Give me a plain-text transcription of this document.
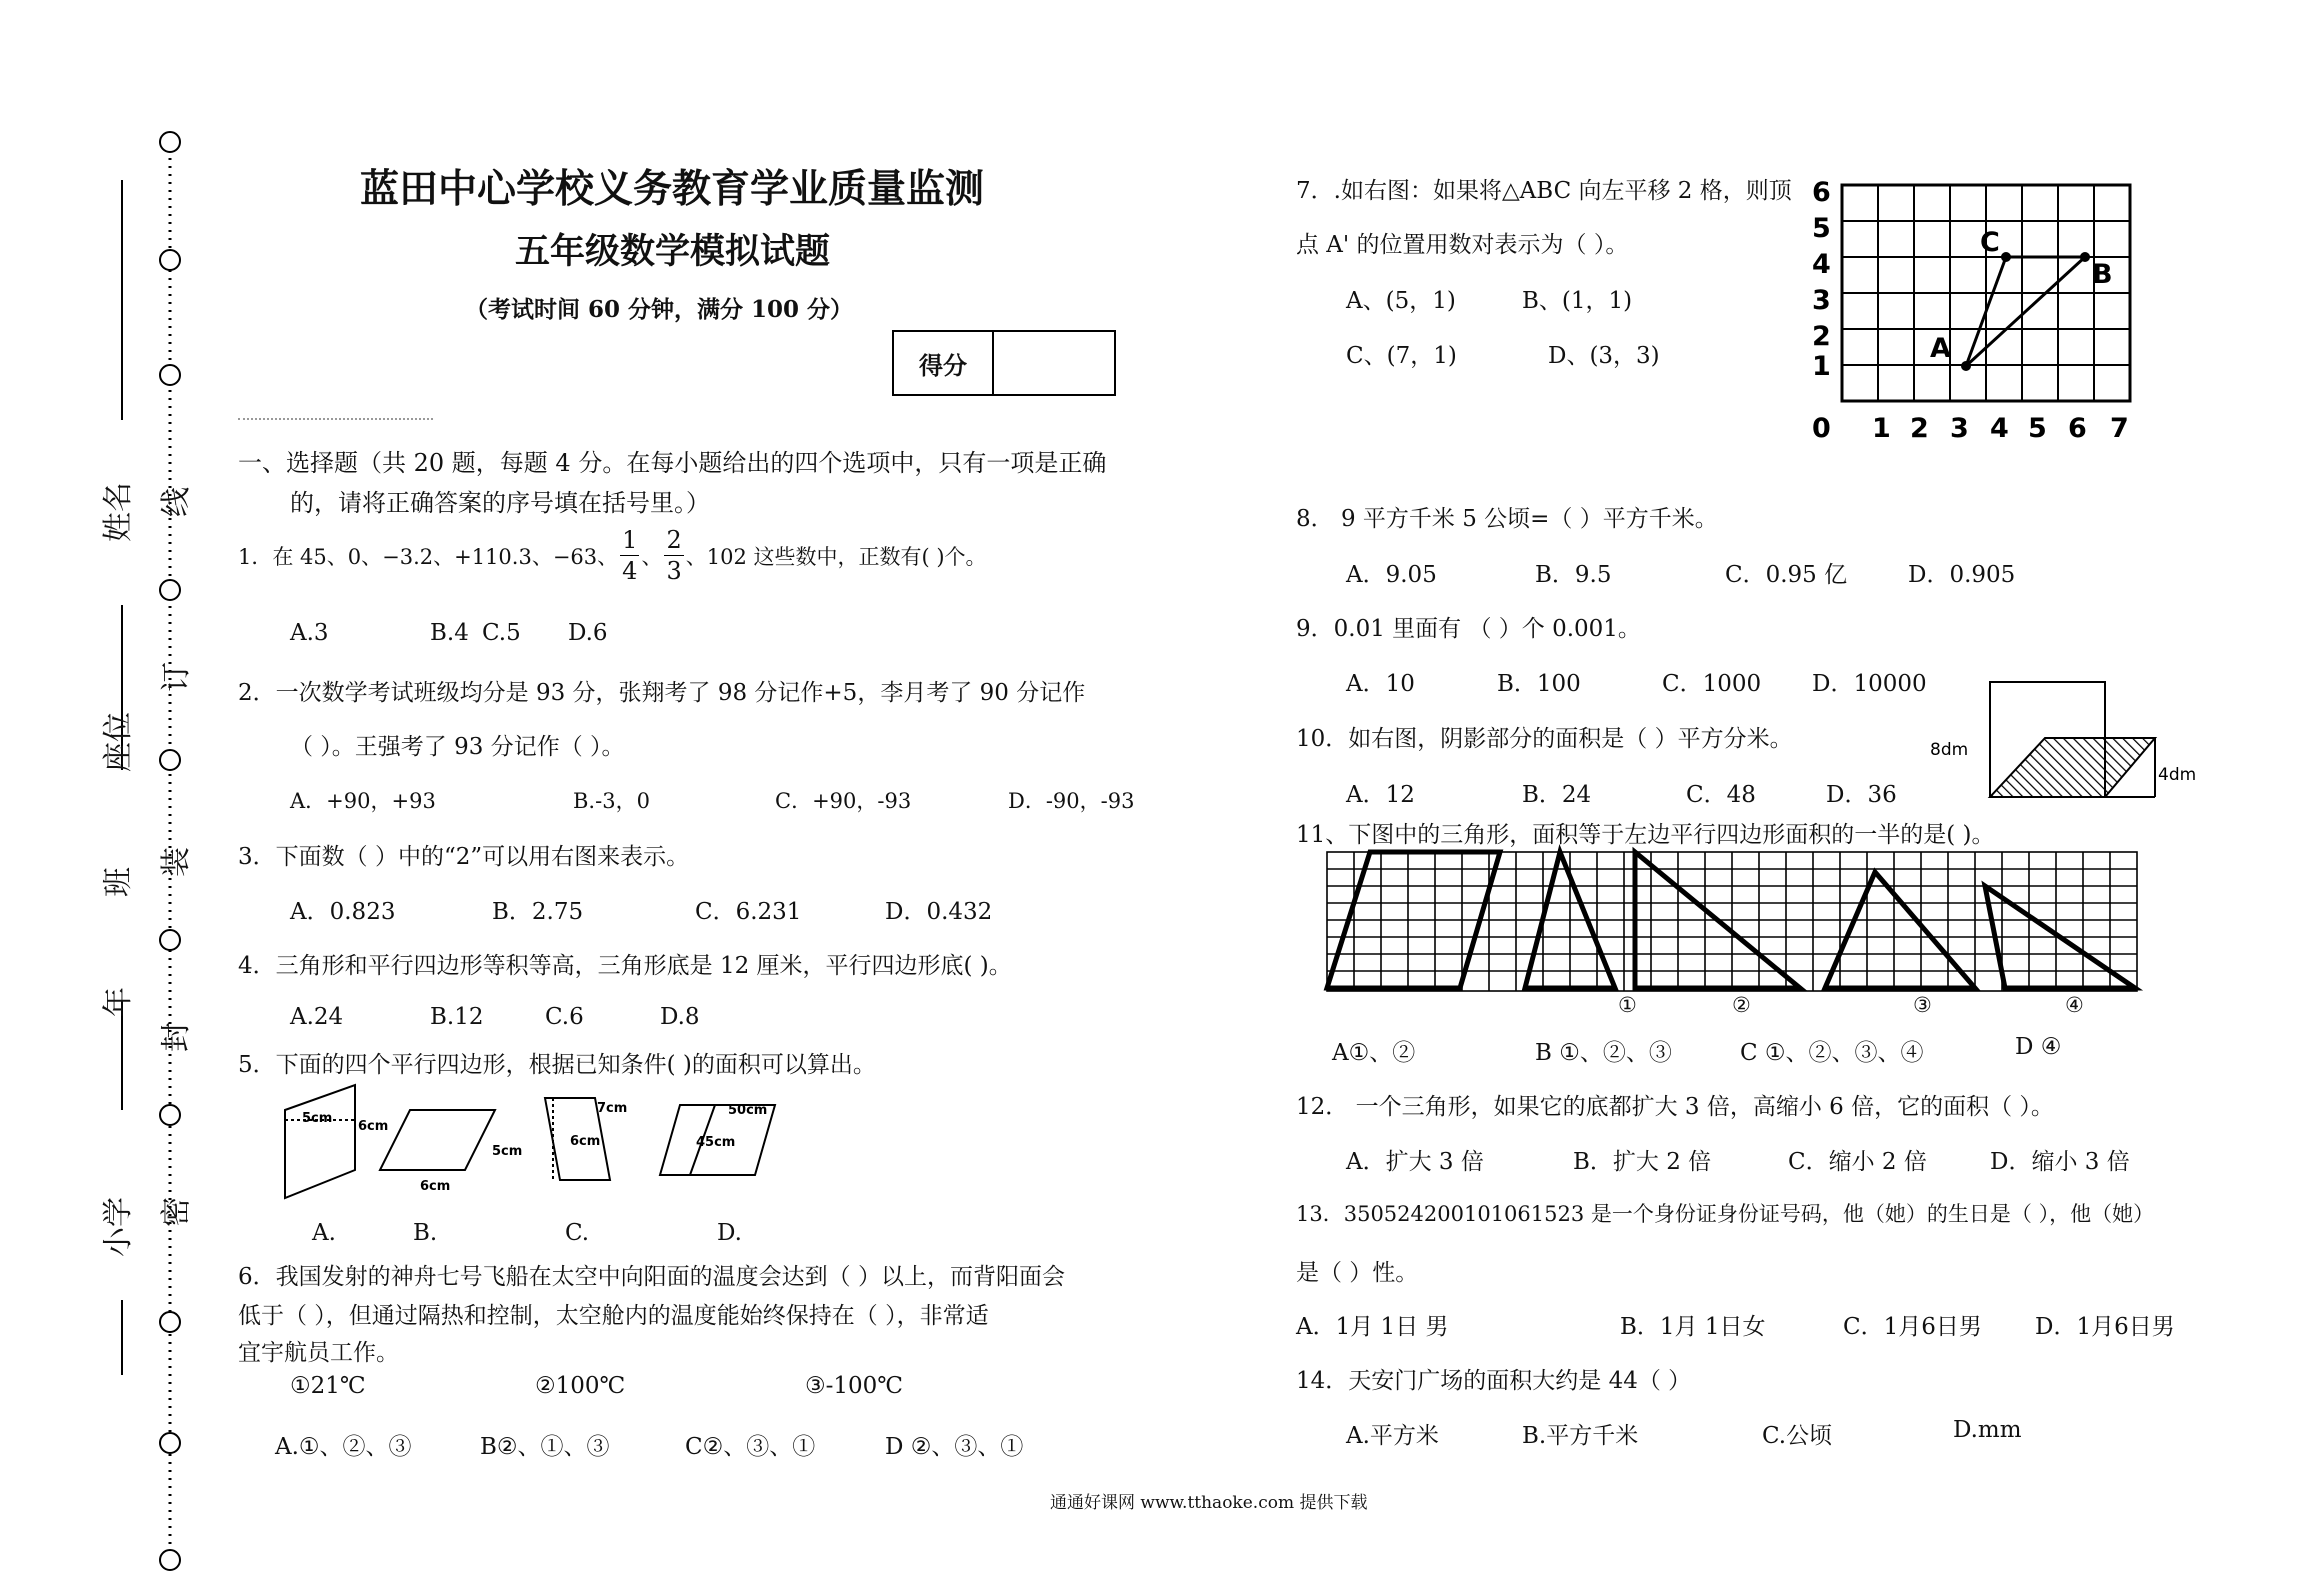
姓名
座位
班
年
小学
线
订
装
封
密
蓝田中心学校义务教育学业质量监测
五年级数学模拟试题
（考试时间 60 分钟，满分 100 分）
得分
一、选择题（共 20 题，每题 4 分。在每小题给出的四个选项中，只有一项是正确
的，请将正确答案的序号填在括号里。）
1．在 45、0、−3.2、+110.3、−63、 $\frac{1}{4}$ 、 $\frac{2}{3}$ 、102 这些数中，正数有( )个。
A.3	B.4 C.5 D.6
2．一次数学考试班级均分是 93 分，张翔考了 98 分记作+5，李月考了 90 分记作
（ ）。王强考了 93 分记作（ ）。
A．+90，+93	B.-3，0	C．+90，-93	D．-90，-93
3．下面数（ ）中的“2”可以用右图来表示。
A．0.823	B．2.75	C．6.231	D．0.432
4．三角形和平行四边形等积等高，三角形底是 12 厘米，平行四边形底( )。
A.24	B.12	C.6	D.8
5．下面的四个平行四边形，根据已知条件( )的面积可以算出。
5cm
6cm
5cm
6cm
7cm
6cm
50cm
45cm
A.	B.	C.	D.
6．我国发射的神舟七号飞船在太空中向阳面的温度会达到（ ）以上，而背阳面会
低于（ ），但通过隔热和控制，太空舱内的温度能始终保持在（ ），非常适
宜宇航员工作。
①21℃	②100℃	③-100℃
A.①、②、③	B②、①、③	C②、③、①	D ②、③、①
7．.如右图：如果将△ABC 向左平移 2 格，则顶
点 A' 的位置用数对表示为（ ）。
A、(5，1)	B、(1，1)
C、(7，1)	D、(3，3)
6
5
4
3
2
1
0 1 2 3 4 5 6 7
A
B
C
8． 9 平方千米 5 公顷=（ ）平方千米。
A．9.05	B．9.5	C．0.95 亿	D．0.905
9．0.01 里面有 （ ）个 0.001。
A．10	B．100	C．1000 D．10000
10．如右图，阴影部分的面积是（ ）平方分米。
A．12	B．24	C．48	D．36
8dm
4dm
11、下图中的三角形，面积等于左边平行四边形面积的一半的是( )。
①	②	③	④
A①、②	B ①、②、③	C ①、②、③、④	D ④
12． 一个三角形，如果它的底都扩大 3 倍，高缩小 6 倍，它的面积（ ）。
A．扩大 3 倍	B．扩大 2 倍	C．缩小 2 倍	D．缩小 3 倍
13．350524200101061523 是一个身份证身份证号码，他（她）的生日是（ ），他（她）
是（ ）性。
A．1月 1日 男	B．1月 1日女	C．1月6日男 D．1月6日男
14．天安门广场的面积大约是 44（ ）
A.平方米	B.平方千米	C.公顷	D.mm
通通好课网 www.tthaoke.com 提供下载
